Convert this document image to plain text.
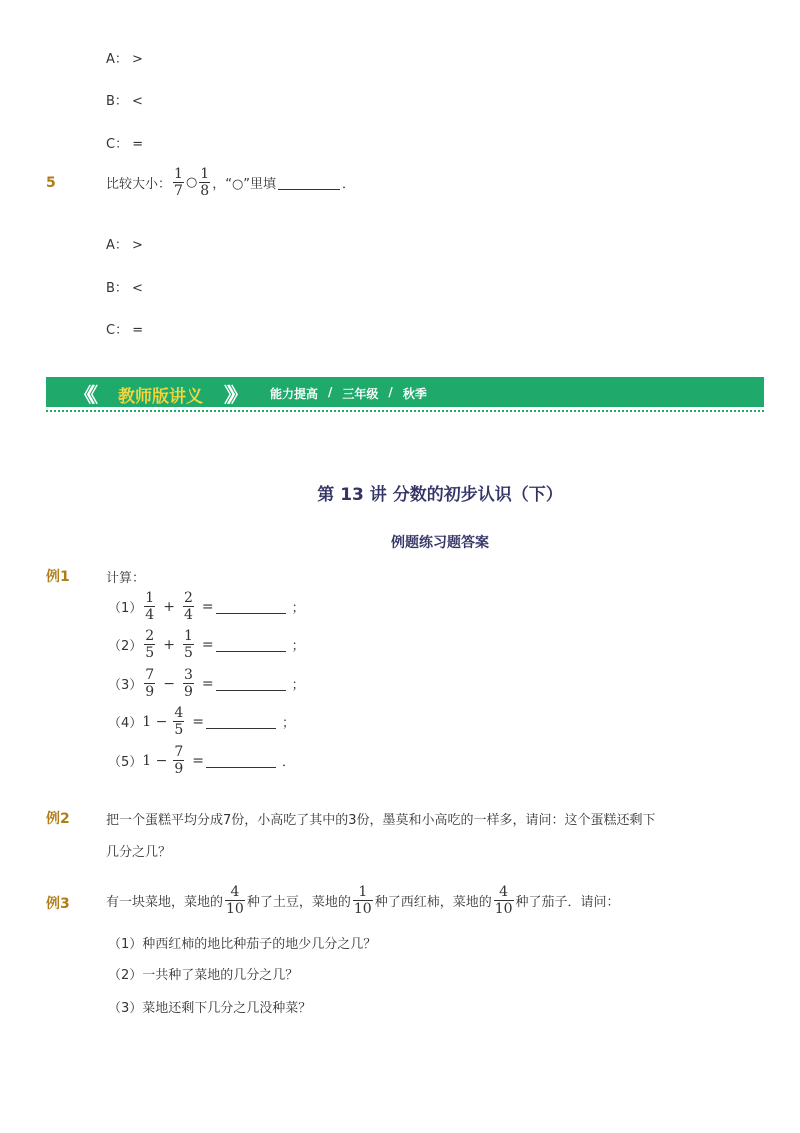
A： >
B： <
C： =
5	比较大小： $\frac{1}{7}$ ○ $\frac{1}{8}$ ，“○”里填	．
A： >
B： <
C： =
《《 教师版讲义 》》 能力提高 / 三年级 / 秋季
第 13 讲 分数的初步认识（下）
例题练习题答案
例1	计算：
$(1) \frac{1}{4} + \frac{2}{4}$ =	；
$(2) \frac{2}{5} + \frac{1}{5}$ =	；
$(3) \frac{7}{9} - \frac{3}{9}$ =	；
（4） $1 - \frac{4}{5}$ =	；
（5） $1 - \frac{7}{9}$ =	．
例2	把一个蛋糕平均分成7份，小高吃了其中的3份，墨莫和小高吃的一样多，请问：这个蛋糕还剩下
几分之几？
例3	有一块菜地，菜地的 $\frac{4}{10}$ 种了土豆，菜地的 $\frac{1}{10}$ 种了西红柿，菜地的 $\frac{4}{10}$ 种了茄子．请问：
（1）种西红柿的地比种茄子的地少几分之几？
（2）一共种了菜地的几分之几？
（3）菜地还剩下几分之几没种菜？
